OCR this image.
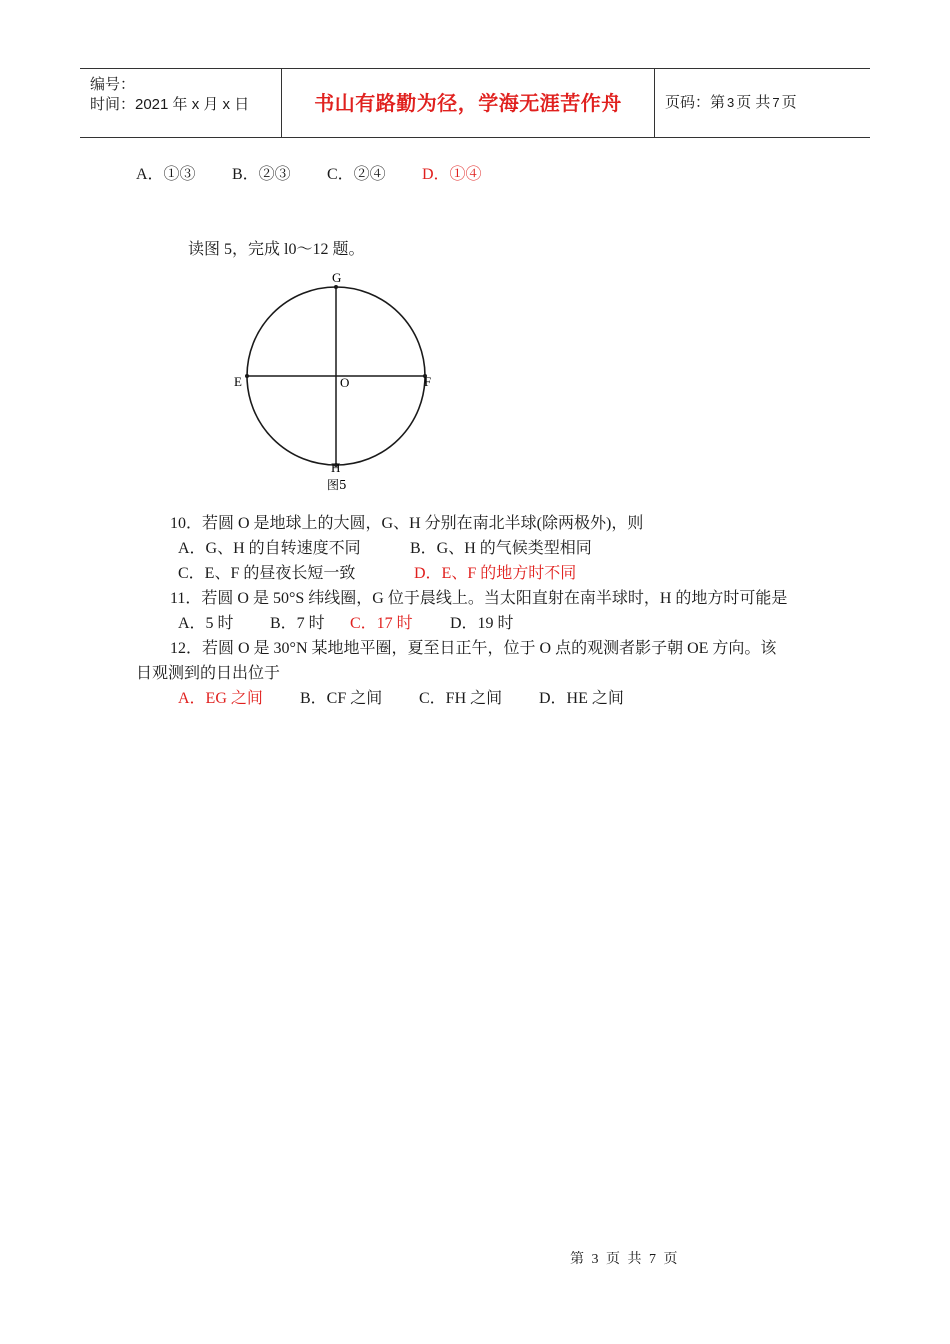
编号：
时间：2021 年 x 月 x 日	书山有路勤为径，学海无涯苦作舟	页码：第 3 页 共 7 页
A．①③ B．②③ C．②④ D．①④
读图 5，完成 l0～12 题。
G
E	O	F
H
图5
10．若圆 O 是地球上的大圆，G、H 分别在南北半球(除两极外)，则
A．G、H 的自转速度不同	B．G、H 的气候类型相同
C．E、F 的昼夜长短一致	D．E、F 的地方时不同
11．若圆 O 是 50°S 纬线圈，G 位于晨线上。当太阳直射在南半球时，H 的地方时可能是
A．5 时 B．7 时 C．17 时 D．19 时
12．若圆 O 是 30°N 某地地平圈，夏至日正午，位于 O 点的观测者影子朝 OE 方向。该
日观测到的日出位于
A．EG 之间 B．CF 之间 C．FH 之间 D．HE 之间
第 3 页 共 7 页
